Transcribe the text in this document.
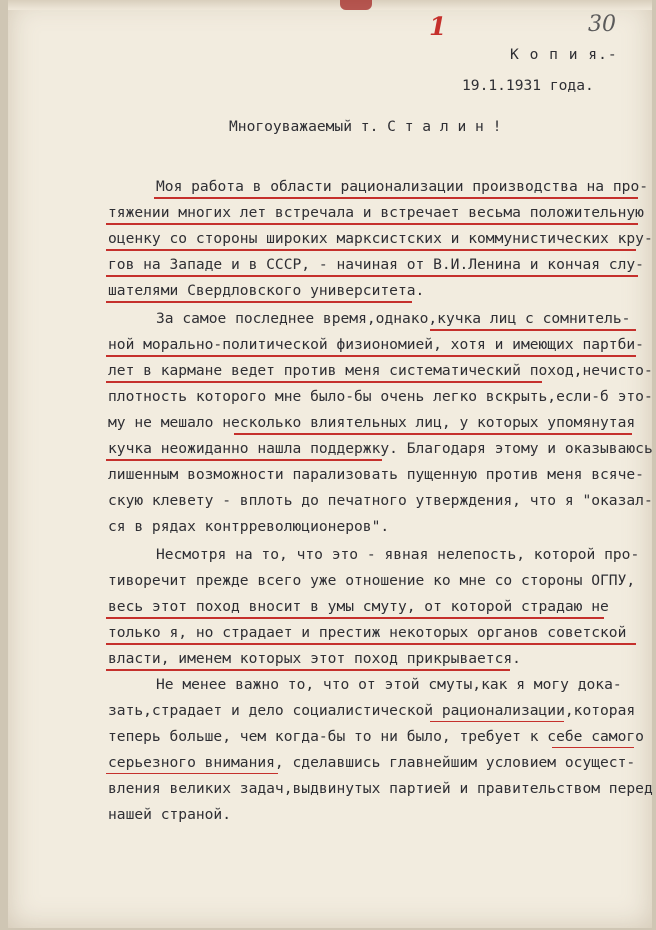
1	30
К о п и я.-
19.1.1931 года.
Многоуважаемый т. С т а л и н !
Моя работа в области рационализации производства на про-
тяжении многих лет встречала и встречает весьма положительную
оценку со стороны широких марксистских и коммунистических кру-
гов на Западе и в СССР, - начиная от В.И.Ленина и кончая слу-
шателями Свердловского университета.
За самое последнее время,однако,кучка лиц с сомнитель-
ной морально-политической физиономией, хотя и имеющих партби-
лет в кармане ведет против меня систематический поход,нечисто-
плотность которого мне было-бы очень легко вскрыть,если-б это-
му не мешало несколько влиятельных лиц, у которых упомянутая
кучка неожиданно нашла поддержку. Благодаря этому и оказываюсь
лишенным возможности парализовать пущенную против меня всяче-
скую клевету - вплоть до печатного утверждения, что я "оказал-
ся в рядах контрреволюционеров".
Несмотря на то, что это - явная нелепость, которой про-
тиворечит прежде всего уже отношение ко мне со стороны ОГПУ,
весь этот поход вносит в умы смуту, от которой страдаю не
только я, но страдает и престиж некоторых органов советской
власти, именем которых этот поход прикрывается.
Не менее важно то, что от этой смуты,как я могу дока-
зать,страдает и дело социалистической рационализации,которая
теперь больше, чем когда-бы то ни было, требует к себе самого
серьезного внимания, сделавшись главнейшим условием осущест-
вления великих задач,выдвинутых партией и правительством перед
нашей страной.
